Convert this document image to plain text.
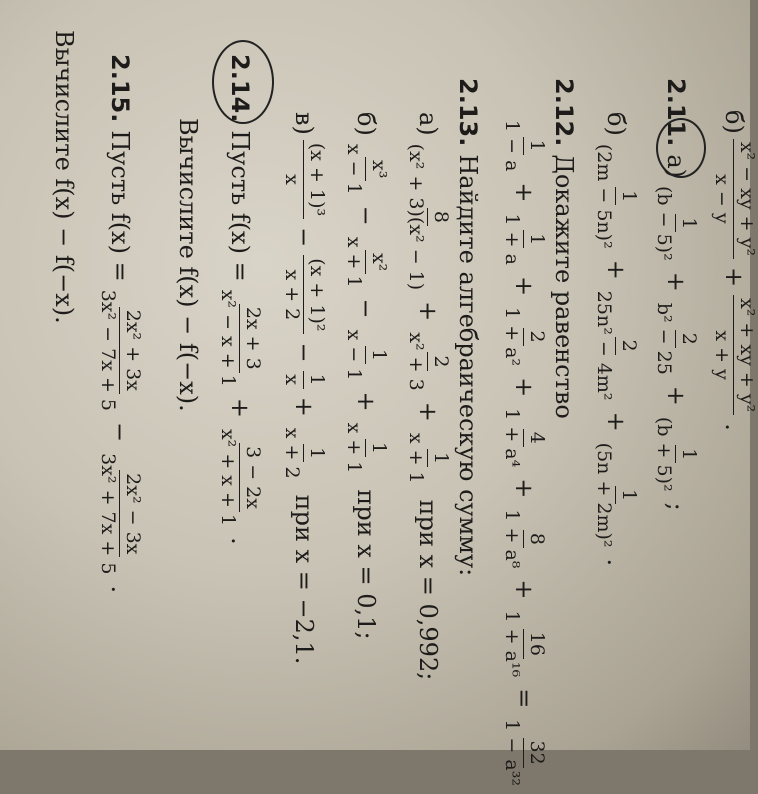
б)
x² − xy + y²
x − y
+
x² + xy + y²
x + y
.
2.11.
а)
1
(b − 5)²
+
2
b² − 25
+
1
(b + 5)²
;
б)
1
(2m − 5n)²
+
2
25n² − 4m²
+
1
(5n + 2m)²
.
2.12.
Докажите равенство
1
1 − a
+
1
1 + a
+
2
1 + a²
+
4
1 + a⁴
+
8
1 + a⁸
+
16
1 + a¹⁶
=
32
1 − a³²
2.13.
Найдите алгебраическую сумму:
а)
8
(x² + 3)(x² − 1)
+
2
x² + 3
+
1
x + 1
при x = 0,992;
б)
x³
x − 1
−
x²
x + 1
−
1
x − 1
+
1
x + 1
при x = 0,1;
в)
(x + 1)³
x
−
(x + 1)²
x + 2
−
1
x
+
1
x + 2
при x = −2,1.
2.14.
Пусть f(x) =
2x + 3
x² − x + 1
+
3 − 2x
x² + x + 1
.
Вычислите f(x) − f(−x).
2.15.
Пусть f(x) =
2x² + 3x
3x² − 7x + 5
−
2x² − 3x
3x² + 7x + 5
.
Вычислите f(x) − f(−x).
